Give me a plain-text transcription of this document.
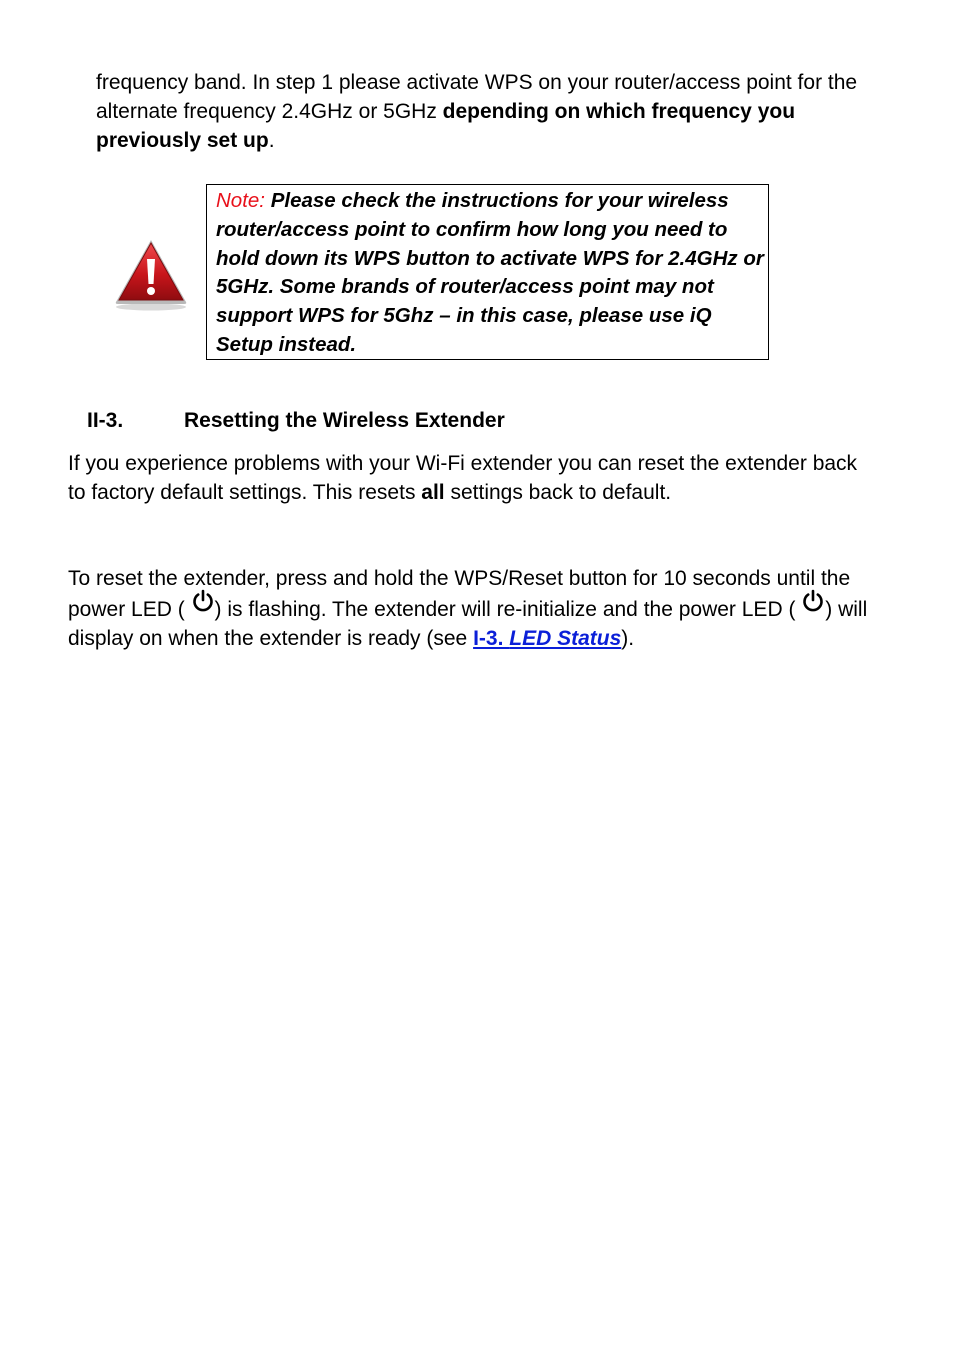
frequency band. In step 1 please activate WPS on your router/access point for the alternate frequency 2.4GHz or 5GHz depending on which frequency you previously set up.

Note: Please check the instructions for your wireless router/access point to confirm how long you need to hold down its WPS button to activate WPS for 2.4GHz or 5GHz. Some brands of router/access point may not support WPS for 5Ghz – in this case, please use iQ Setup instead.

II-3.	Resetting the Wireless Extender

If you experience problems with your Wi-Fi extender you can reset the extender back to factory default settings. This resets all settings back to default.

To reset the extender, press and hold the WPS/Reset button for 10 seconds until the power LED ( ) is flashing. The extender will re-initialize and the power LED ( ) will display on when the extender is ready (see I-3. LED Status).
